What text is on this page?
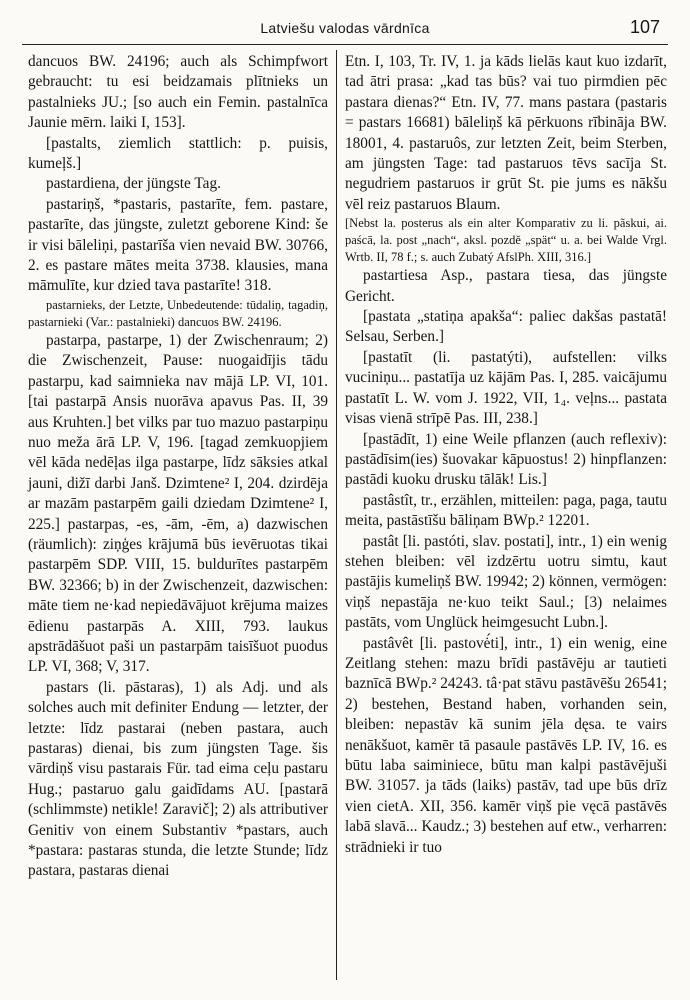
Latviešu valodas vārdnīca	107

dancuos BW. 24196; auch als Schimpfwort gebraucht: tu esi beidzamais plītnieks un pastalnieks JU.; [so auch ein Femin. pastalnīca Jaunie mērn. laiki I, 153].

[pastalts, ziemlich stattlich: p. puisis, kumeļš.]

pastardiena, der jüngste Tag.

pastariņš, *pastaris, pastarīte, fem. pastare, pastarīte, das jüngste, zuletzt geborene Kind: še ir visi bāleliņi, pastarīša vien nevaid BW. 30766, 2. es pastare mātes meita 3738. klausies, mana māmulīte, kur dzied tava pastarīte! 318.

pastarnieks, der Letzte, Unbedeutende: tūdaliņ, tagadiņ, pastarnieki (Var.: pastalnieki) dancuos BW. 24196.

pastarpa, pastarpe, 1) der Zwischenraum; 2) die Zwischenzeit, Pause: nuogaidījis tādu pastarpu, kad saimnieka nav mājā LP. VI, 101. [tai pastarpā Ansis nuorāva apavus Pas. II, 39 aus Kruhten.] bet vilks par tuo mazuo pastarpiņu nuo meža ārā LP. V, 196. [tagad zemkuopjiem vēl kāda nedēļas ilga pastarpe, līdz sāksies atkal jauni, dižī darbi Janš. Dzimtene² I, 204. dzirdēja ar mazām pastarpēm gaili dziedam Dzimtene² I, 225.] pastarpas, -es, -ām, -ēm, a) dazwischen (räumlich): ziņģes krājumā būs ievēruotas tikai pastarpēm SDP. VIII, 15. buldurītes pastarpēm BW. 32366; b) in der Zwischenzeit, dazwischen: māte tiem ne·kad nepiedāvājuot krējuma maizes ēdienu pastarpās A. XIII, 793. laukus apstrādāšuot paši un pastarpām taisīšuot puodus LP. VI, 368; V, 317.

pastars (li. pāstaras), 1) als Adj. und als solches auch mit definiter Endung — letzter, der letzte: līdz pastarai (neben pastara, auch pastaras) dienai, bis zum jüngsten Tage. šis vārdiņš visu pastarais Für. tad eima ceļu pastaru Hug.; pastaruo galu gaidīdams AU. [pastarā (schlimmste) netikle! Zaravič]; 2) als attributiver Genitiv von einem Substantiv *pastars, auch *pastara: pastaras stunda, die letzte Stunde; līdz pastara, pastaras dienai

Etn. I, 103, Tr. IV, 1. ja kāds lielās kaut kuo izdarīt, tad ātri prasa: „kad tas būs? vai tuo pirmdien pēc pastara dienas?“ Etn. IV, 77. mans pastara (pastaris = pastars 16681) bāleliņš kā pērkuons rībināja BW. 18001, 4. pastaruôs, zur letzten Zeit, beim Sterben, am jüngsten Tage: tad pastaruos tēvs sacīja St. negudriem pastaruos ir grūt St. pie jums es nākšu vēl reiz pastaruos Blaum.

[Nebst la. posterus als ein alter Komparativ zu li. pãskui, ai. paścā, la. post „nach“, aksl. pozdě „spät“ u. a. bei Walde Vrgl. Wrtb. II, 78 f.; s. auch Zubatý AfslPh. XIII, 316.]

pastartiesa Asp., pastara tiesa, das jüngste Gericht.

[pastata „statiņa apakša“: paliec dakšas pastatā! Selsau, Serben.]

[pastatīt (li. pastatýti), aufstellen: vilks vuciniņu... pastatīja uz kājām Pas. I, 285. vaicājumu pastatīt L. W. vom J. 1922, VII, 1₄. veļns... pastata visas vienā strīpē Pas. III, 238.]

[pastādīt, 1) eine Weile pflanzen (auch reflexiv): pastādīsim(ies) šuovakar kāpuostus! 2) hinpflanzen: pastādi kuoku drusku tālāk! Lis.]

pastâstît, tr., erzählen, mitteilen: paga, paga, tautu meita, pastāstīšu bāliņam BWp.² 12201.

pastât [li. pastóti, slav. postati], intr., 1) ein wenig stehen bleiben: vēl izdzērtu uotru simtu, kaut pastājis kumeliņš BW. 19942; 2) können, vermögen: viņš nepastāja ne·kuo teikt Saul.; [3) nelaimes pastāts, vom Unglück heimgesucht Lubn.].

pastâvêt [li. pastovė́ti], intr., 1) ein wenig, eine Zeitlang stehen: mazu brīdi pastāvēju ar tautieti baznīcā BWp.² 24243. tâ·pat stāvu pastāvēšu 26541; 2) bestehen, Bestand haben, vorhanden sein, bleiben: nepastāv kā sunim jēla dęsa. te vairs nenākšuot, kamēr tā pasaule pastāvēs LP. IV, 16. es būtu laba saiminiece, būtu man kalpi pastāvējuši BW. 31057. ja tāds (laiks) pastāv, tad upe būs drīz vien cietA. XII, 356. kamēr viņš pie vęcā pastāvēs labā slavā... Kaudz.; 3) bestehen auf etw., verharren: strādnieki ir tuo
